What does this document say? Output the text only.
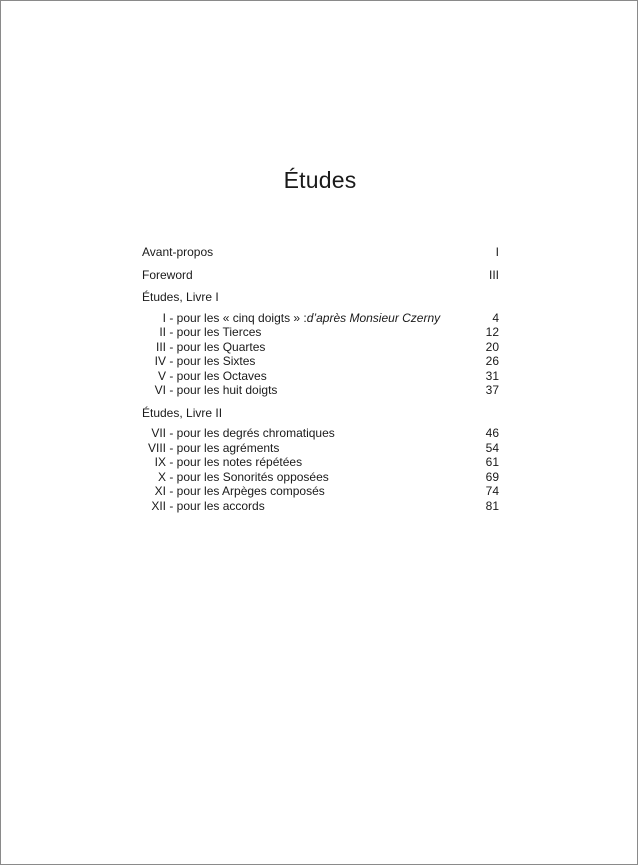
Études
Avant-propos	I
Foreword	III
Études, Livre I
I - pour les « cinq doigts » :d’après Monsieur Czerny	4
II - pour les Tierces	12
III - pour les Quartes	20
IV - pour les Sixtes	26
V - pour les Octaves	31
VI - pour les huit doigts	37
Études, Livre II
VII - pour les degrés chromatiques	46
VIII - pour les agréments	54
IX - pour les notes répétées	61
X - pour les Sonorités opposées	69
XI - pour les Arpèges composés	74
XII - pour les accords	81
